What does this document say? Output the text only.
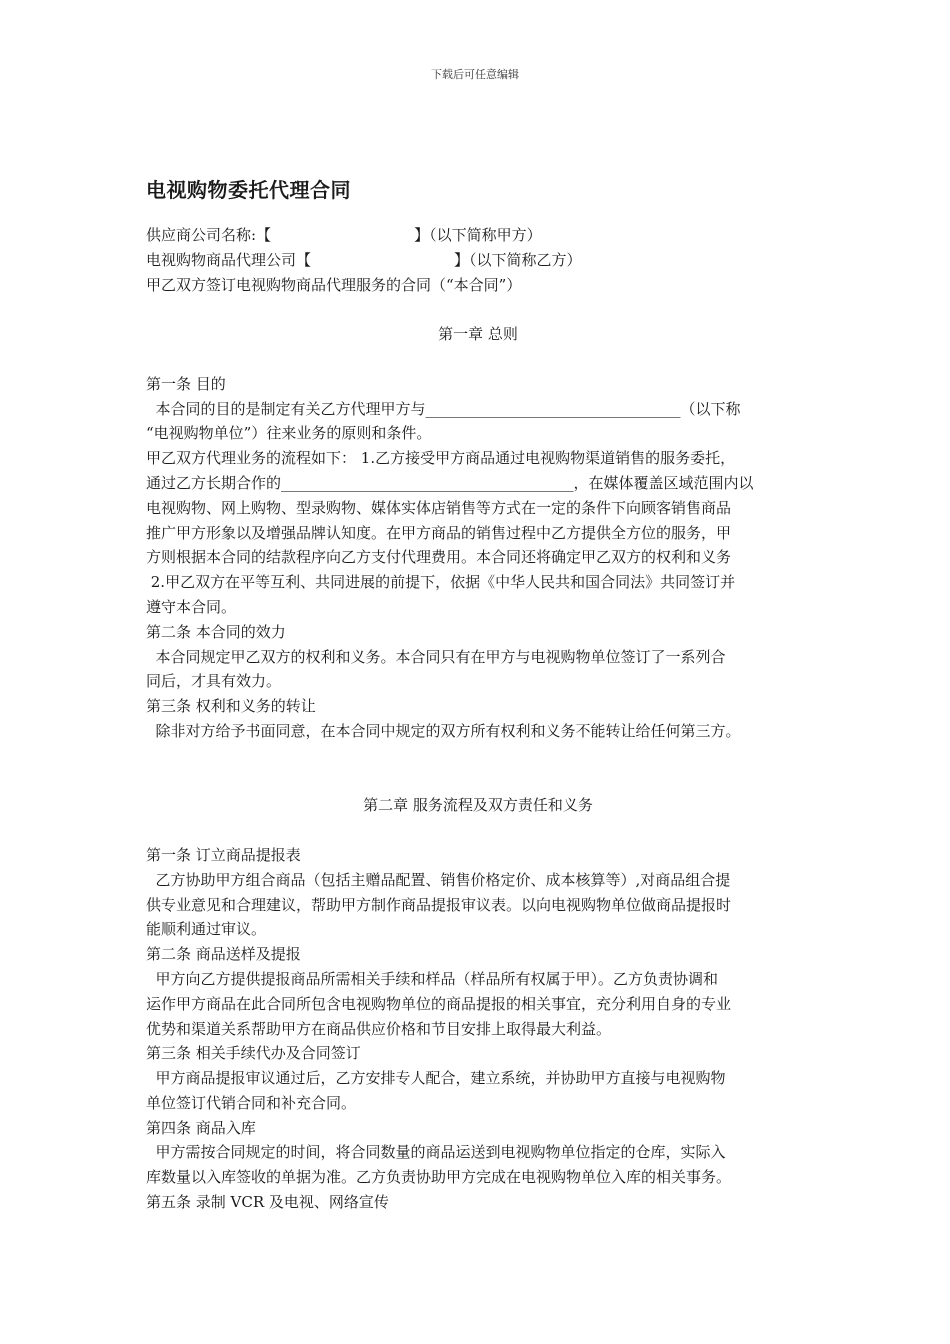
下载后可任意编辑
电视购物委托代理合同
供应商公司名称:【                              】（以下简称甲方）
电视购物商品代理公司【                              】（以下简称乙方）
甲乙双方签订电视购物商品代理服务的合同（“本合同”）
第一章 总则
第一条 目的
本合同的目的是制定有关乙方代理甲方与__________________________________（以下称
“电视购物单位”）往来业务的原则和条件。
甲乙双方代理业务的流程如下： 1.乙方接受甲方商品通过电视购物渠道销售的服务委托，
通过乙方长期合作的_______________________________________，在媒体覆盖区域范围内以
电视购物、网上购物、型录购物、媒体实体店销售等方式在一定的条件下向顾客销售商品
推广甲方形象以及增强品牌认知度。在甲方商品的销售过程中乙方提供全方位的服务，甲
方则根据本合同的结款程序向乙方支付代理费用。本合同还将确定甲乙双方的权利和义务
2.甲乙双方在平等互利、共同进展的前提下，依据《中华人民共和国合同法》共同签订并
遵守本合同。
第二条 本合同的效力
本合同规定甲乙双方的权利和义务。本合同只有在甲方与电视购物单位签订了一系列合
同后，才具有效力。
第三条 权利和义务的转让
除非对方给予书面同意，在本合同中规定的双方所有权利和义务不能转让给任何第三方。
第二章 服务流程及双方责任和义务
第一条 订立商品提报表
乙方协助甲方组合商品（包括主赠品配置、销售价格定价、成本核算等）,对商品组合提
供专业意见和合理建议，帮助甲方制作商品提报审议表。以向电视购物单位做商品提报时
能顺利通过审议。
第二条 商品送样及提报
甲方向乙方提供提报商品所需相关手续和样品（样品所有权属于甲）。乙方负责协调和
运作甲方商品在此合同所包含电视购物单位的商品提报的相关事宜，充分利用自身的专业
优势和渠道关系帮助甲方在商品供应价格和节目安排上取得最大利益。
第三条 相关手续代办及合同签订
甲方商品提报审议通过后，乙方安排专人配合，建立系统，并协助甲方直接与电视购物
单位签订代销合同和补充合同。
第四条 商品入库
甲方需按合同规定的时间，将合同数量的商品运送到电视购物单位指定的仓库，实际入
库数量以入库签收的单据为准。乙方负责协助甲方完成在电视购物单位入库的相关事务。
第五条 录制 VCR 及电视、网络宣传
